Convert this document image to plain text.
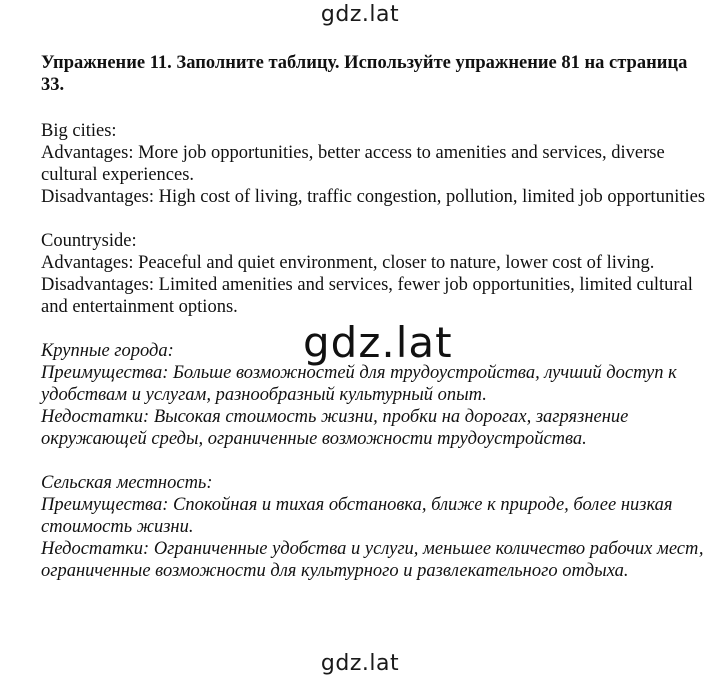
gdz.lat

Упражнение 11. Заполните таблицу. Используйте упражнение 81 на страница 33.

Big cities:

Advantages: More job opportunities, better access to amenities and services, diverse cultural experiences.

Disadvantages: High cost of living, traffic congestion, pollution, limited job opportunities

Countryside:

Advantages: Peaceful and quiet environment, closer to nature, lower cost of living.

Disadvantages: Limited amenities and services, fewer job opportunities, limited cultural and entertainment options.

Крупные города:

Преимущества: Больше возможностей для трудоустройства, лучший доступ к удобствам и услугам, разнообразный культурный опыт.

Недостатки: Высокая стоимость жизни, пробки на дорогах, загрязнение окружающей среды, ограниченные возможности трудоустройства.

Сельская местность:

Преимущества: Спокойная и тихая обстановка, ближе к природе, более низкая стоимость жизни.

Недостатки: Ограниченные удобства и услуги, меньшее количество рабочих мест, ограниченные возможности для культурного и развлекательного отдыха.

gdz.lat
gdz.lat
